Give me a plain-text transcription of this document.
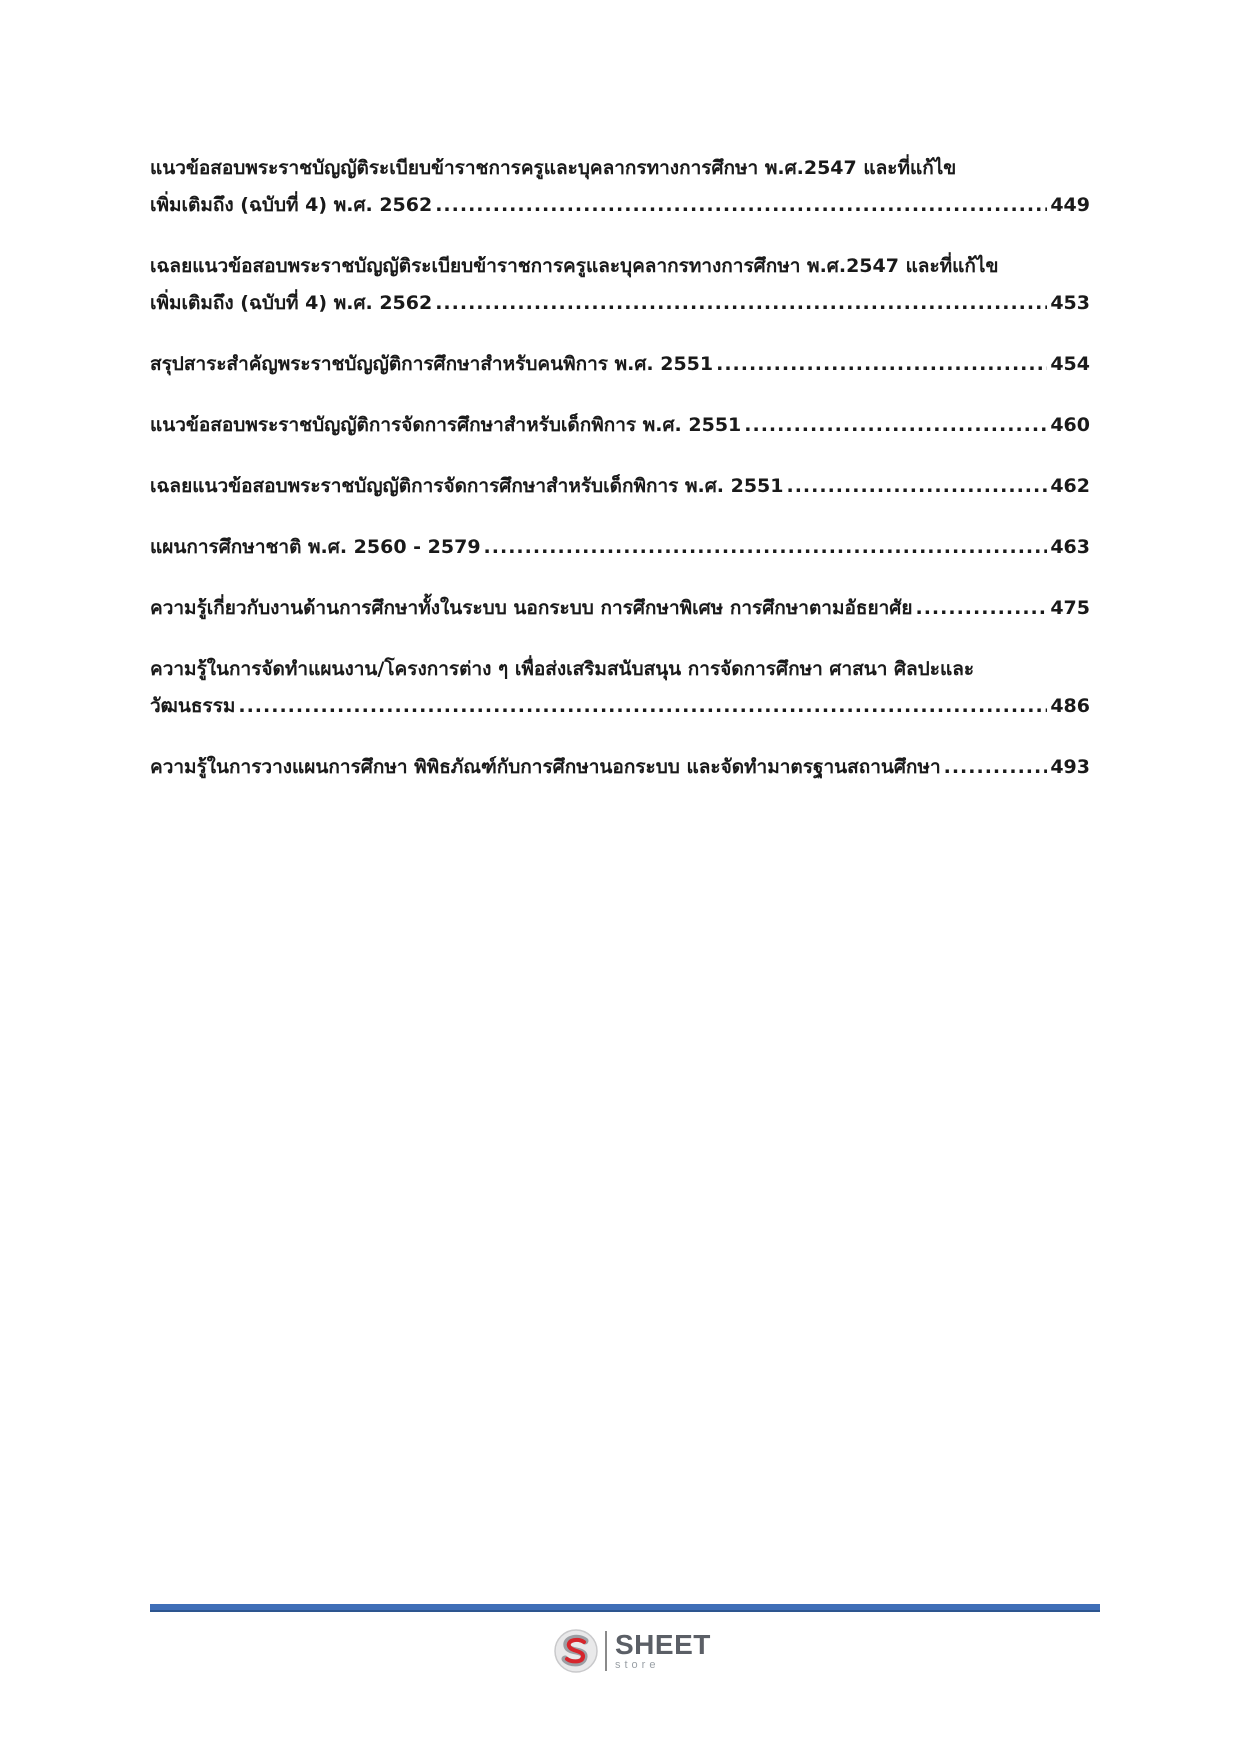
แนวข้อสอบพระราชบัญญัติระเบียบข้าราชการครูและบุคลากรทางการศึกษา พ.ศ.2547 และที่แก้ไข
เพิ่มเติมถึง (ฉบับที่ 4) พ.ศ. 2562 .....	449
เฉลยแนวข้อสอบพระราชบัญญัติระเบียบข้าราชการครูและบุคลากรทางการศึกษา พ.ศ.2547 และที่แก้ไข
เพิ่มเติมถึง (ฉบับที่ 4) พ.ศ. 2562 .....	453
สรุปสาระสำคัญพระราชบัญญัติการศึกษาสำหรับคนพิการ พ.ศ. 2551 .....	454
แนวข้อสอบพระราชบัญญัติการจัดการศึกษาสำหรับเด็กพิการ พ.ศ. 2551 .....	460
เฉลยแนวข้อสอบพระราชบัญญัติการจัดการศึกษาสำหรับเด็กพิการ พ.ศ. 2551 .....	462
แผนการศึกษาชาติ พ.ศ. 2560 - 2579 .....	463
ความรู้เกี่ยวกับงานด้านการศึกษาทั้งในระบบ นอกระบบ การศึกษาพิเศษ การศึกษาตามอัธยาศัย .....	475
ความรู้ในการจัดทำแผนงาน/โครงการต่าง ๆ เพื่อส่งเสริมสนับสนุน การจัดการศึกษา ศาสนา ศิลปะและ
วัฒนธรรม .....	486
ความรู้ในการวางแผนการศึกษา พิพิธภัณฑ์กับการศึกษานอกระบบ และจัดทำมาตรฐานสถานศึกษา .....	493
SHEET
store
